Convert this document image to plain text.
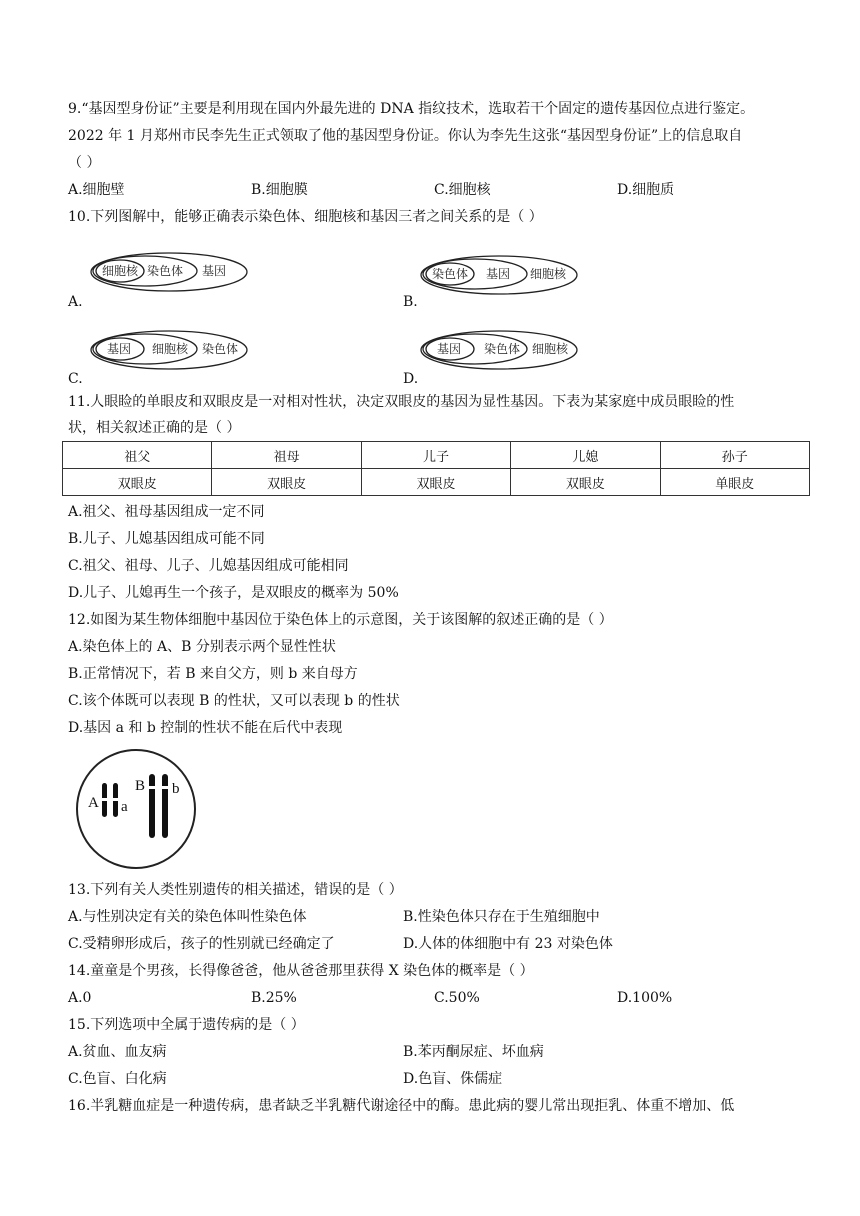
9.“基因型身份证”主要是利用现在国内外最先进的 DNA 指纹技术，选取若干个固定的遗传基因位点进行鉴定。
2022 年 1 月郑州市民李先生正式领取了他的基因型身份证。你认为李先生这张“基因型身份证”上的信息取自
（ ）
A.细胞壁	B.细胞膜	C.细胞核	D.细胞质
10.下列图解中，能够正确表示染色体、细胞核和基因三者之间关系的是（ ）
细胞核 染色体 基因
A.
染色体 基因 细胞核
B.
基因 细胞核 染色体
C.
基因 染色体 细胞核
D.
11.人眼睑的单眼皮和双眼皮是一对相对性状，决定双眼皮的基因为显性基因。下表为某家庭中成员眼睑的性
状，相关叙述正确的是（ ）
祖父	祖母	儿子	儿媳	孙子
双眼皮	双眼皮	双眼皮	双眼皮	单眼皮
A.祖父、祖母基因组成一定不同
B.儿子、儿媳基因组成可能不同
C.祖父、祖母、儿子、儿媳基因组成可能相同
D.儿子、儿媳再生一个孩子，是双眼皮的概率为 50%
12.如图为某生物体细胞中基因位于染色体上的示意图，关于该图解的叙述正确的是（ ）
A.染色体上的 A、B 分别表示两个显性性状
B.正常情况下，若 B 来自父方，则 b 来自母方
C.该个体既可以表现 B 的性状，又可以表现 b 的性状
D.基因 a 和 b 控制的性状不能在后代中表现
A a
B b
13.下列有关人类性别遗传的相关描述，错误的是（ ）
A.与性别决定有关的染色体叫性染色体	B.性染色体只存在于生殖细胞中
C.受精卵形成后，孩子的性别就已经确定了	D.人体的体细胞中有 23 对染色体
14.童童是个男孩，长得像爸爸，他从爸爸那里获得 X 染色体的概率是（ ）
A.0	B.25%	C.50%	D.100%
15.下列选项中全属于遗传病的是（ ）
A.贫血、血友病	B.苯丙酮尿症、坏血病
C.色盲、白化病	D.色盲、侏儒症
16.半乳糖血症是一种遗传病，患者缺乏半乳糖代谢途径中的酶。患此病的婴儿常出现拒乳、体重不增加、低
